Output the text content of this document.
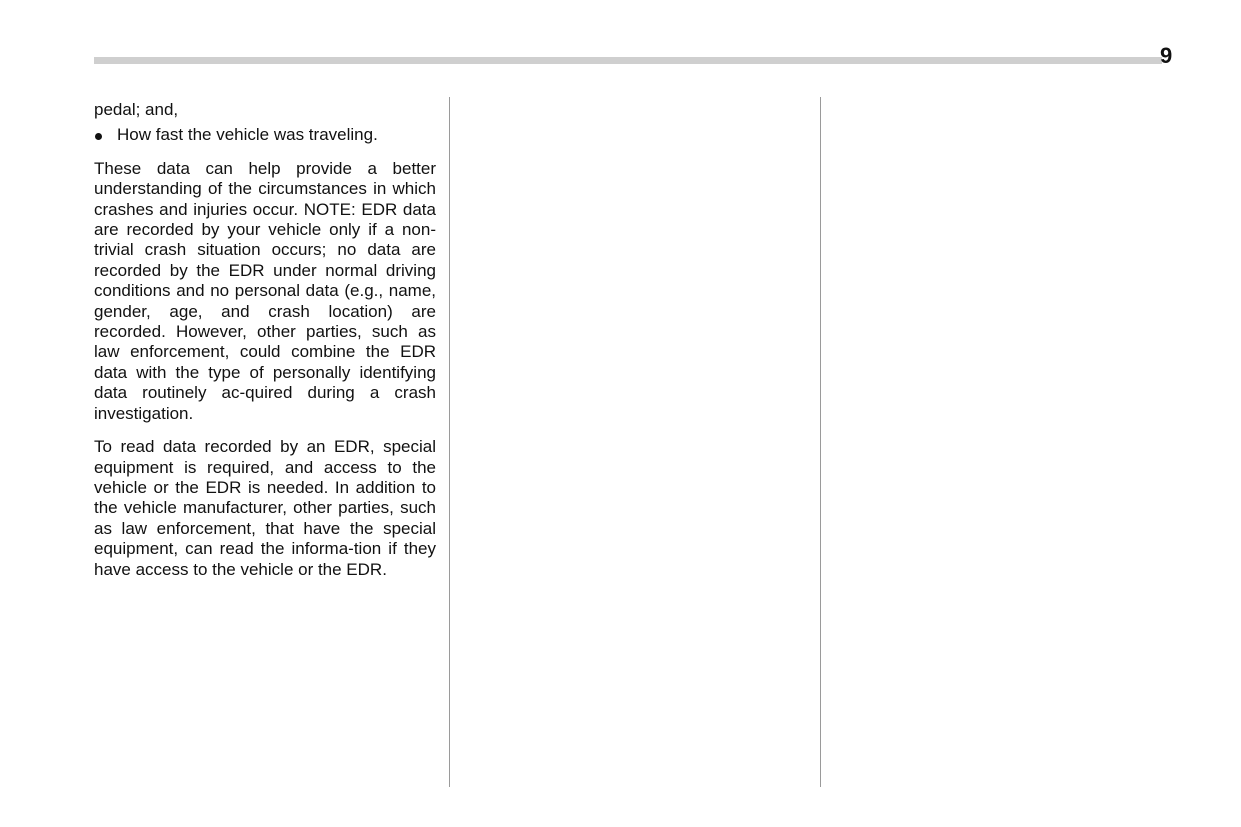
9
pedal; and,
How fast the vehicle was traveling.

These data can help provide a better understanding of the circumstances in which crashes and injuries occur. NOTE: EDR data are recorded by your vehicle only if a non-trivial crash situation occurs; no data are recorded by the EDR under normal driving conditions and no personal data (e.g., name, gender, age, and crash location) are recorded. However, other parties, such as law enforcement, could combine the EDR data with the type of personally identifying data routinely ac-quired during a crash investigation.

To read data recorded by an EDR, special equipment is required, and access to the vehicle or the EDR is needed. In addition to the vehicle manufacturer, other parties, such as law enforcement, that have the special equipment, can read the informa-tion if they have access to the vehicle or the EDR.
